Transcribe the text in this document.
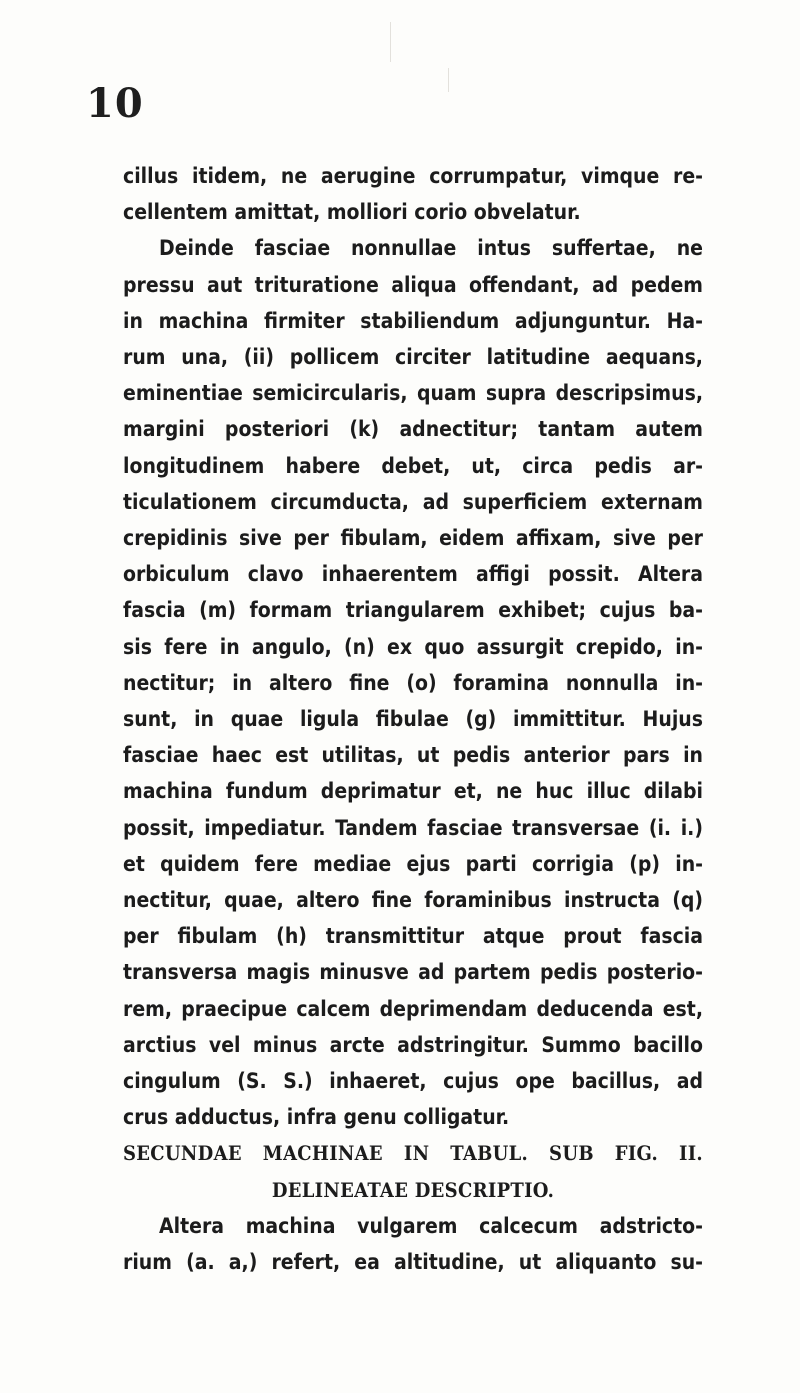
10
cillus itidem, ne aerugine corrumpatur, vimque re-
cellentem amittat, molliori corio obvelatur.
Deinde fasciae nonnullae intus suffertae, ne
pressu aut trituratione aliqua offendant, ad pedem
in machina firmiter stabiliendum adjunguntur. Ha-
rum una, (ii) pollicem circiter latitudine aequans,
eminentiae semicircularis, quam supra descripsimus,
margini posteriori (k) adnectitur; tantam autem
longitudinem habere debet, ut, circa pedis ar-
ticulationem circumducta, ad superficiem externam
crepidinis sive per fibulam, eidem affixam, sive per
orbiculum clavo inhaerentem affigi possit. Altera
fascia (m) formam triangularem exhibet; cujus ba-
sis fere in angulo, (n) ex quo assurgit crepido, in-
nectitur; in altero fine (o) foramina nonnulla in-
sunt, in quae ligula fibulae (g) immittitur. Hujus
fasciae haec est utilitas, ut pedis anterior pars in
machina fundum deprimatur et, ne huc illuc dilabi
possit, impediatur. Tandem fasciae transversae (i. i.)
et quidem fere mediae ejus parti corrigia (p) in-
nectitur, quae, altero fine foraminibus instructa (q)
per fibulam (h) transmittitur atque prout fascia
transversa magis minusve ad partem pedis posterio-
rem, praecipue calcem deprimendam deducenda est,
arctius vel minus arcte adstringitur. Summo bacillo
cingulum (S. S.) inhaeret, cujus ope bacillus, ad
crus adductus, infra genu colligatur.
SECUNDAE MACHINAE IN TABUL. SUB FIG. II.
DELINEATAE DESCRIPTIO.
Altera machina vulgarem calcecum adstricto-
rium (a. a,) refert, ea altitudine, ut aliquanto su-
